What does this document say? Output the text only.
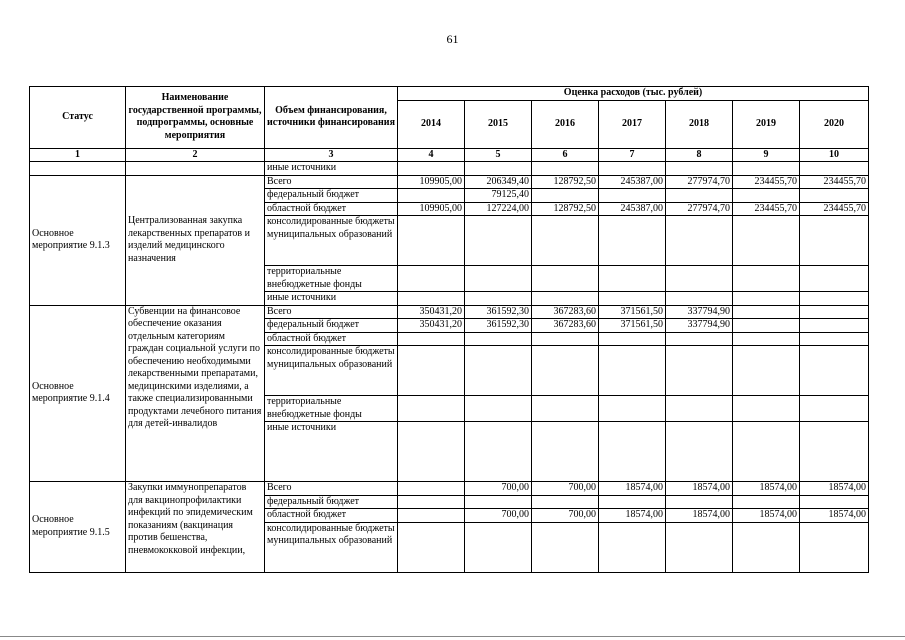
61
Статус	Наименование государственной программы, подпрограммы, основные мероприятия	Объем финансирования, источники финансирования	Оценка расходов (тыс. рублей)						
			2014	2015	2016	2017	2018	2019	2020
1	2	3	4	5	6	7	8	9	10
		иные источники							
Основное мероприятие 9.1.3	Централизованная закупка лекарственных препаратов и изделий медицинского назначения	Всего	109905,00	206349,40	128792,50	245387,00	277974,70	234455,70	234455,70
		федеральный бюджет		79125,40					
		областной бюджет	109905,00	127224,00	128792,50	245387,00	277974,70	234455,70	234455,70
		консолидированные бюджеты муниципальных образований							
		территориальные внебюджетные фонды							
		иные источники							
Основное мероприятие 9.1.4	Субвенции на финансовое обеспечение оказания отдельным категориям граждан социальной услуги по обеспечению необходимыми лекарственными препаратами, медицинскими изделиями, а также специализированными продуктами лечебного питания для детей-инвалидов	Всего	350431,20	361592,30	367283,60	371561,50	337794,90		
		федеральный бюджет	350431,20	361592,30	367283,60	371561,50	337794,90		
		областной бюджет							
		консолидированные бюджеты муниципальных образований							
		территориальные внебюджетные фонды							
		иные источники							
Основное мероприятие 9.1.5	Закупки иммунопрепаратов для вакцинопрофилактики инфекций по эпидемическим показаниям (вакцинация против бешенства, пневмококковой инфекции,	Всего		700,00	700,00	18574,00	18574,00	18574,00	18574,00
		федеральный бюджет							
		областной бюджет		700,00	700,00	18574,00	18574,00	18574,00	18574,00
		консолидированные бюджеты муниципальных образований							
